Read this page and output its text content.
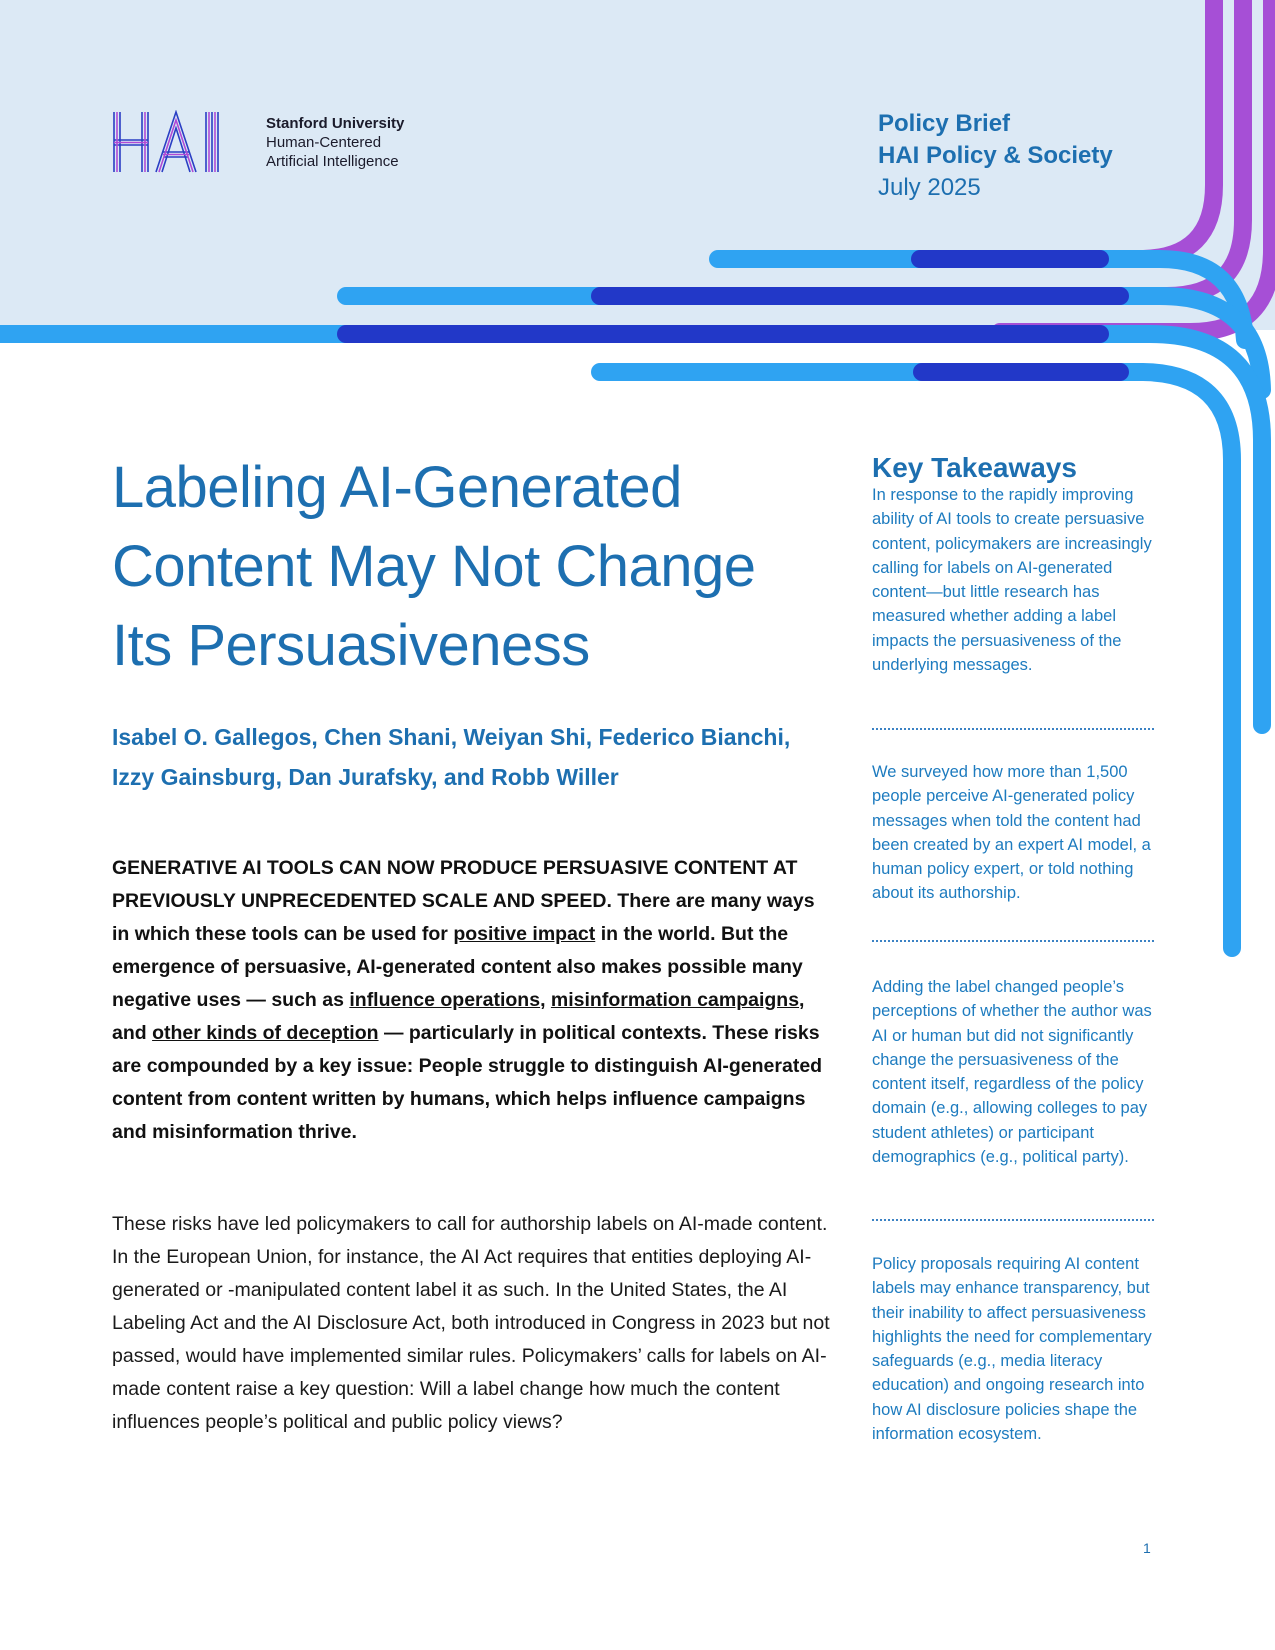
Stanford University
Human-Centered
Artificial Intelligence
Policy Brief
HAI Policy & Society
July 2025
Labeling AI-Generated
Content May Not Change
Its Persuasiveness
Isabel O. Gallegos, Chen Shani, Weiyan Shi, Federico Bianchi,
Izzy Gainsburg, Dan Jurafsky, and Robb Willer
GENERATIVE AI TOOLS CAN NOW PRODUCE PERSUASIVE CONTENT AT PREVIOUSLY UNPRECEDENTED SCALE AND SPEED. There are many ways in which these tools can be used for positive impact in the world. But the emergence of persuasive, AI-generated content also makes possible many negative uses — such as influence operations, misinformation campaigns, and other kinds of deception — particularly in political contexts. These risks are compounded by a key issue: People struggle to distinguish AI-generated content from content written by humans, which helps influence campaigns and misinformation thrive.
These risks have led policymakers to call for authorship labels on AI-made content. In the European Union, for instance, the AI Act requires that entities deploying AI-generated or -manipulated content label it as such. In the United States, the AI Labeling Act and the AI Disclosure Act, both introduced in Congress in 2023 but not passed, would have implemented similar rules. Policymakers’ calls for labels on AI-made content raise a key question: Will a label change how much the content influences people’s political and public policy views?
Key Takeaways
In response to the rapidly improving ability of AI tools to create persuasive content, policymakers are increasingly calling for labels on AI-generated content—but little research has measured whether adding a label impacts the persuasiveness of the underlying messages.
We surveyed how more than 1,500 people perceive AI-generated policy messages when told the content had been created by an expert AI model, a human policy expert, or told nothing about its authorship.
Adding the label changed people’s perceptions of whether the author was AI or human but did not significantly change the persuasiveness of the content itself, regardless of the policy domain (e.g., allowing colleges to pay student athletes) or participant demographics (e.g., political party).
Policy proposals requiring AI content labels may enhance transparency, but their inability to affect persuasiveness highlights the need for complementary safeguards (e.g., media literacy education) and ongoing research into how AI disclosure policies shape the information ecosystem.
1
